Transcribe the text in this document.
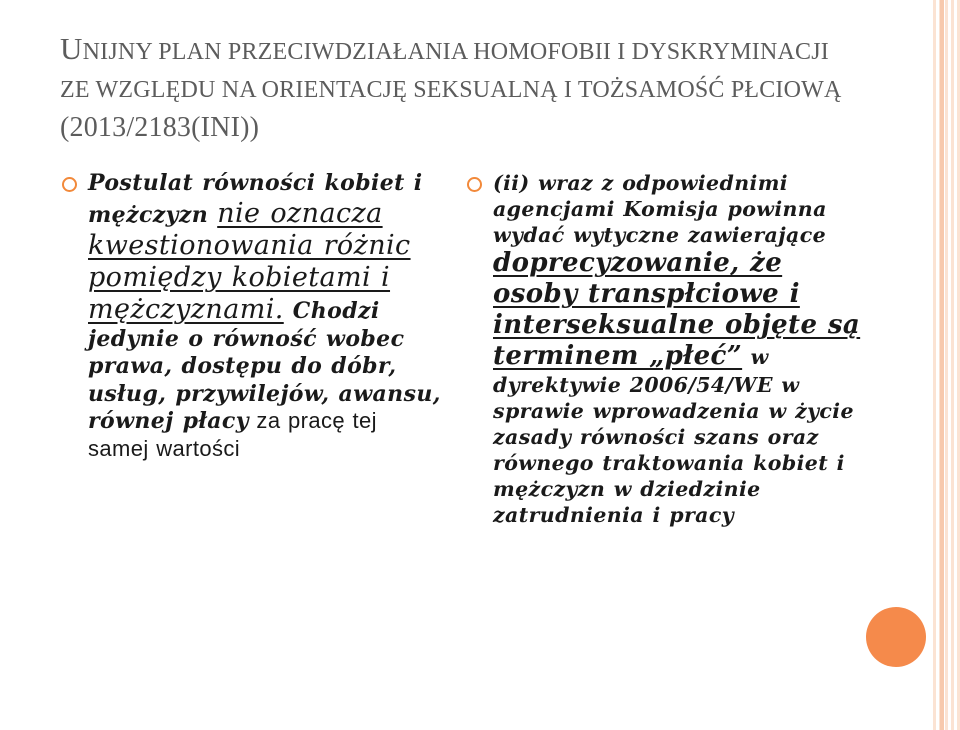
UNIJNY PLAN PRZECIWDZIAŁANIA HOMOFOBII I DYSKRYMINACJI ZE WZGLĘDU NA ORIENTACJĘ SEKSUALNĄ I TOŻSAMOŚĆ PŁCIOWĄ (2013/2183(INI))
Postulat równości kobiet i mężczyzn nie oznacza kwestionowania różnic pomiędzy kobietami i mężczyznami. Chodzi jedynie o równość wobec prawa, dostępu do dóbr, usług, przywilejów, awansu, równej płacy za pracę tej samej wartości
(ii) wraz z odpowiednimi agencjami Komisja powinna wydać wytyczne zawierające doprecyzowanie, że osoby transpłciowe i interseksualne objęte są terminem „płeć” w dyrektywie 2006/54/WE w sprawie wprowadzenia w życie zasady równości szans oraz równego traktowania kobiet i mężczyzn w dziedzinie zatrudnienia i pracy
